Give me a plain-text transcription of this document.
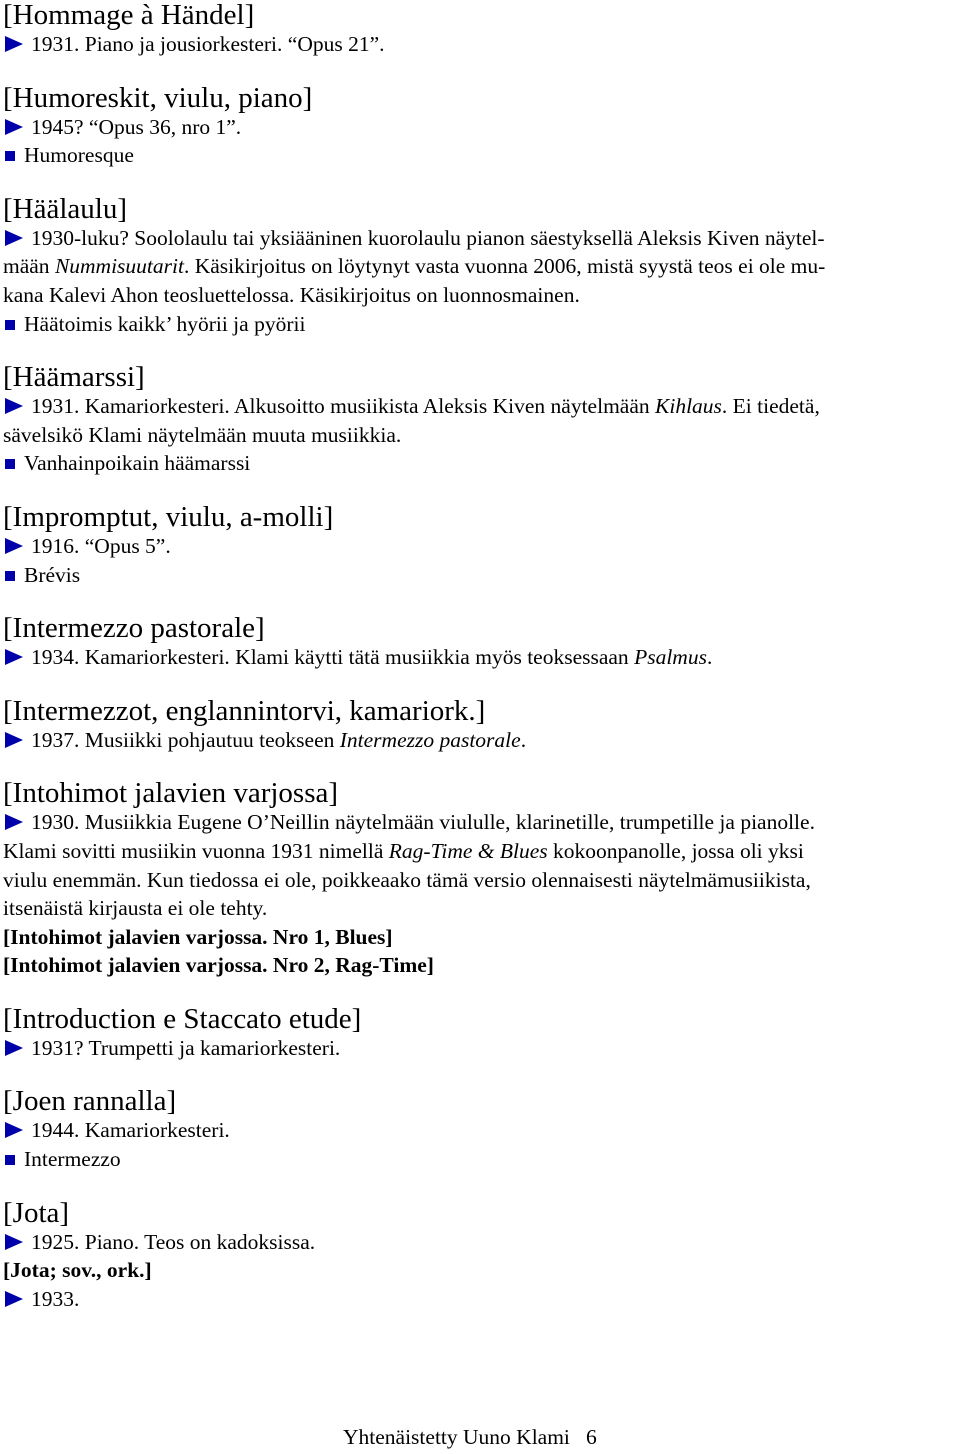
[Hommage à Händel]
1931. Piano ja jousiorkesteri. “Opus 21”.
[Humoreskit, viulu, piano]
1945? “Opus 36, nro 1”.
Humoresque
[Häälaulu]
1930-luku? Soololaulu tai yksiääninen kuorolaulu pianon säestyksellä Aleksis Kiven näytel-
mään Nummisuutarit. Käsikirjoitus on löytynyt vasta vuonna 2006, mistä syystä teos ei ole mu-
kana Kalevi Ahon teosluettelossa. Käsikirjoitus on luonnosmainen.
Häätoimis kaikk’ hyörii ja pyörii
[Häämarssi]
1931. Kamariorkesteri. Alkusoitto musiikista Aleksis Kiven näytelmään Kihlaus. Ei tiedetä,
sävelsikö Klami näytelmään muuta musiikkia.
Vanhainpoikain häämarssi
[Impromptut, viulu, a-molli]
1916. “Opus 5”.
Brévis
[Intermezzo pastorale]
1934. Kamariorkesteri. Klami käytti tätä musiikkia myös teoksessaan Psalmus.
[Intermezzot, englannintorvi, kamariork.]
1937. Musiikki pohjautuu teokseen Intermezzo pastorale.
[Intohimot jalavien varjossa]
1930. Musiikkia Eugene O’Neillin näytelmään viululle, klarinetille, trumpetille ja pianolle.
Klami sovitti musiikin vuonna 1931 nimellä Rag-Time & Blues kokoonpanolle, jossa oli yksi
viulu enemmän. Kun tiedossa ei ole, poikkeaako tämä versio olennaisesti näytelmämusiikista,
itsenäistä kirjausta ei ole tehty.
[Intohimot jalavien varjossa. Nro 1, Blues]
[Intohimot jalavien varjossa. Nro 2, Rag-Time]
[Introduction e Staccato etude]
1931? Trumpetti ja kamariorkesteri.
[Joen rannalla]
1944. Kamariorkesteri.
Intermezzo
[Jota]
1925. Piano. Teos on kadoksissa.
[Jota; sov., ork.]
1933.
Yhtenäistetty Uuno Klami 6
